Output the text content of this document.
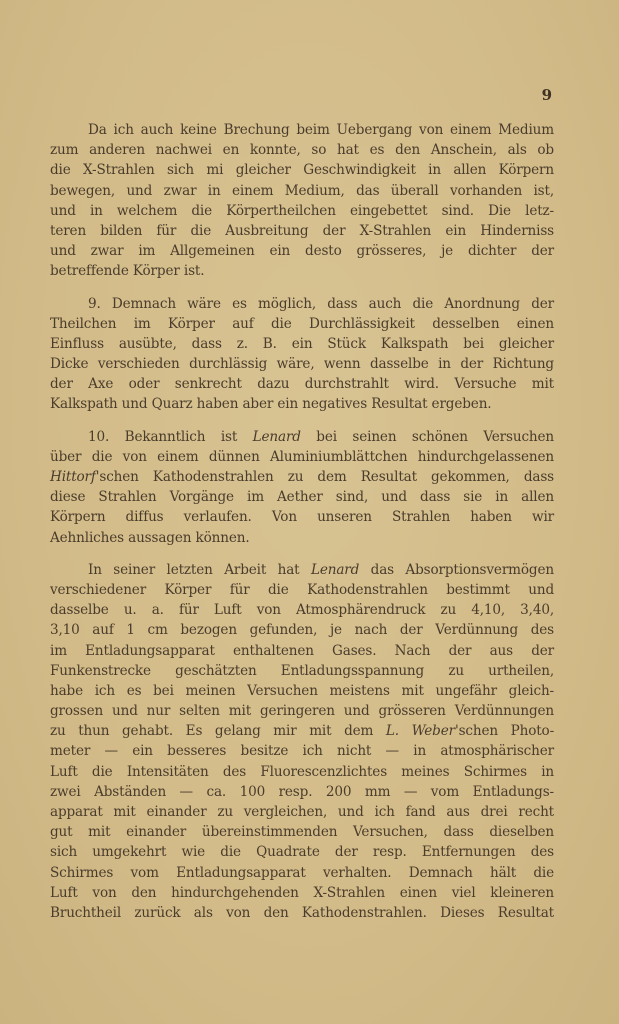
9
Da ich auch keine Brechung beim Uebergang von einem Medium
zum anderen nachwei en konnte, so hat es den Anschein, als ob
die X-Strahlen sich mi gleicher Geschwindigkeit in allen Körpern
bewegen, und zwar in einem Medium, das überall vorhanden ist,
und in welchem die Körpertheilchen eingebettet sind. Die letz-
teren bilden für die Ausbreitung der X-Strahlen ein Hinderniss
und zwar im Allgemeinen ein desto grösseres, je dichter der
betreffende Körper ist.
9. Demnach wäre es möglich, dass auch die Anordnung der
Theilchen im Körper auf die Durchlässigkeit desselben einen
Einfluss ausübte, dass z. B. ein Stück Kalkspath bei gleicher
Dicke verschieden durchlässig wäre, wenn dasselbe in der Richtung
der Axe oder senkrecht dazu durchstrahlt wird. Versuche mit
Kalkspath und Quarz haben aber ein negatives Resultat ergeben.
10. Bekanntlich ist Lenard bei seinen schönen Versuchen
über die von einem dünnen Aluminiumblättchen hindurchgelassenen
Hittorf'schen Kathodenstrahlen zu dem Resultat gekommen, dass
diese Strahlen Vorgänge im Aether sind, und dass sie in allen
Körpern diffus verlaufen. Von unseren Strahlen haben wir
Aehnliches aussagen können.
In seiner letzten Arbeit hat Lenard das Absorptionsvermögen
verschiedener Körper für die Kathodenstrahlen bestimmt und
dasselbe u. a. für Luft von Atmosphärendruck zu 4,10, 3,40,
3,10 auf 1 cm bezogen gefunden, je nach der Verdünnung des
im Entladungsapparat enthaltenen Gases. Nach der aus der
Funkenstrecke geschätzten Entladungsspannung zu urtheilen,
habe ich es bei meinen Versuchen meistens mit ungefähr gleich-
grossen und nur selten mit geringeren und grösseren Verdünnungen
zu thun gehabt. Es gelang mir mit dem L. Weber'schen Photo-
meter — ein besseres besitze ich nicht — in atmosphärischer
Luft die Intensitäten des Fluorescenzlichtes meines Schirmes in
zwei Abständen — ca. 100 resp. 200 mm — vom Entladungs-
apparat mit einander zu vergleichen, und ich fand aus drei recht
gut mit einander übereinstimmenden Versuchen, dass dieselben
sich umgekehrt wie die Quadrate der resp. Entfernungen des
Schirmes vom Entladungsapparat verhalten. Demnach hält die
Luft von den hindurchgehenden X-Strahlen einen viel kleineren
Bruchtheil zurück als von den Kathodenstrahlen. Dieses Resultat
